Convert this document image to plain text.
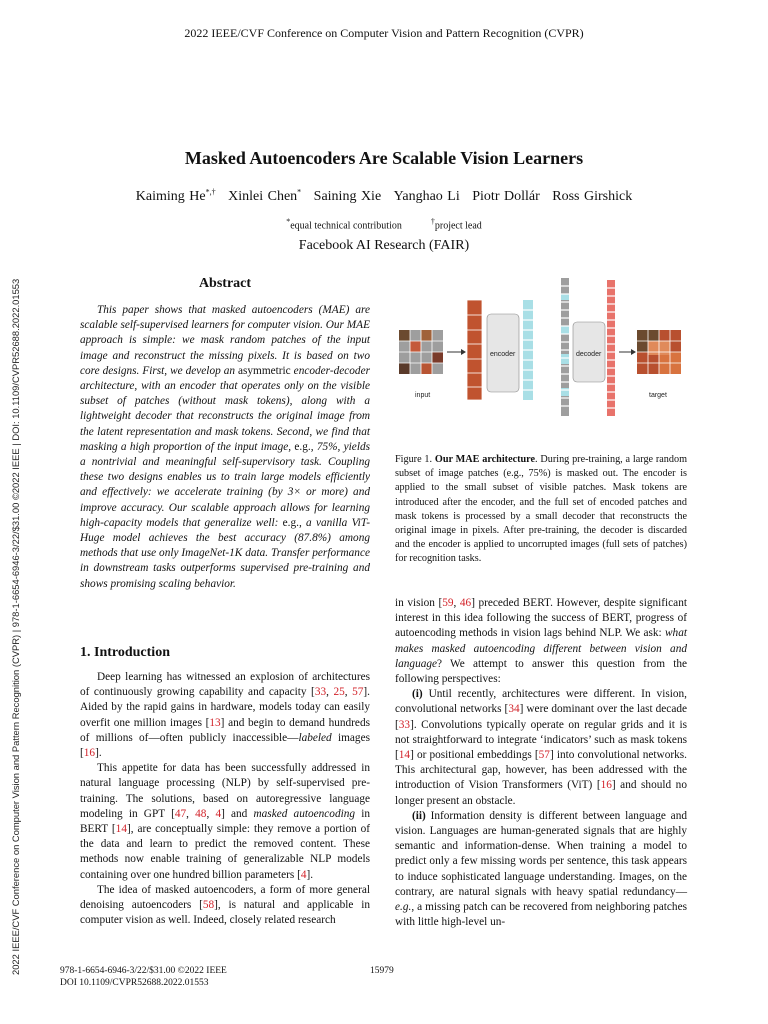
2022 IEEE/CVF Conference on Computer Vision and Pattern Recognition (CVPR)
2022 IEEE/CVF Conference on Computer Vision and Pattern Recognition (CVPR) | 978-1-6654-6946-3/22/$31.00 ©2022 IEEE | DOI: 10.1109/CVPR52688.2022.01553
Masked Autoencoders Are Scalable Vision Learners
Kaiming He*,† Xinlei Chen* Saining Xie Yanghao Li Piotr Dollár Ross Girshick
*equal technical contribution	†project lead
Facebook AI Research (FAIR)
Abstract

This paper shows that masked autoencoders (MAE) are scalable self-supervised learners for computer vision. Our MAE approach is simple: we mask random patches of the input image and reconstruct the missing pixels. It is based on two core designs. First, we develop an asymmetric encoder-decoder architecture, with an encoder that operates only on the visible subset of patches (without mask tokens), along with a lightweight decoder that reconstructs the original image from the latent representation and mask tokens. Second, we find that masking a high proportion of the input image, e.g., 75%, yields a nontrivial and meaningful self-supervisory task. Coupling these two designs enables us to train large models efficiently and effectively: we accelerate training (by 3× or more) and improve accuracy. Our scalable approach allows for learning high-capacity models that generalize well: e.g., a vanilla ViT-Huge model achieves the best accuracy (87.8%) among methods that use only ImageNet-1K data. Transfer performance in downstream tasks outperforms supervised pre-training and shows promising scaling behavior.

input
encoder	decoder
target
Figure 1. Our MAE architecture. During pre-training, a large random subset of image patches (e.g., 75%) is masked out. The encoder is applied to the small subset of visible patches. Mask tokens are introduced after the encoder, and the full set of encoded patches and mask tokens is processed by a small decoder that reconstructs the original image in pixels. After pre-training, the decoder is discarded and the encoder is applied to uncorrupted images (full sets of patches) for recognition tasks.
1. Introduction

Deep learning has witnessed an explosion of architectures of continuously growing capability and capacity [33, 25, 57]. Aided by the rapid gains in hardware, models today can easily overfit one million images [13] and begin to demand hundreds of millions of—often publicly inaccessible—labeled images [16].

This appetite for data has been successfully addressed in natural language processing (NLP) by self-supervised pre-training. The solutions, based on autoregressive language modeling in GPT [47, 48, 4] and masked autoencoding in BERT [14], are conceptually simple: they remove a portion of the data and learn to predict the removed content. These methods now enable training of generalizable NLP models containing over one hundred billion parameters [4].

The idea of masked autoencoders, a form of more general denoising autoencoders [58], is natural and applicable in computer vision as well. Indeed, closely related research

in vision [59, 46] preceded BERT. However, despite significant interest in this idea following the success of BERT, progress of autoencoding methods in vision lags behind NLP. We ask: what makes masked autoencoding different between vision and language? We attempt to answer this question from the following perspectives:

(i) Until recently, architectures were different. In vision, convolutional networks [34] were dominant over the last decade [33]. Convolutions typically operate on regular grids and it is not straightforward to integrate ‘indicators’ such as mask tokens [14] or positional embeddings [57] into convolutional networks. This architectural gap, however, has been addressed with the introduction of Vision Transformers (ViT) [16] and should no longer present an obstacle.

(ii) Information density is different between language and vision. Languages are human-generated signals that are highly semantic and information-dense. When training a model to predict only a few missing words per sentence, this task appears to induce sophisticated language understanding. Images, on the contrary, are natural signals with heavy spatial redundancy—e.g., a missing patch can be recovered from neighboring patches with little high-level un-

978-1-6654-6946-3/22/$31.00 ©2022 IEEE
DOI 10.1109/CVPR52688.2022.01553
15979
